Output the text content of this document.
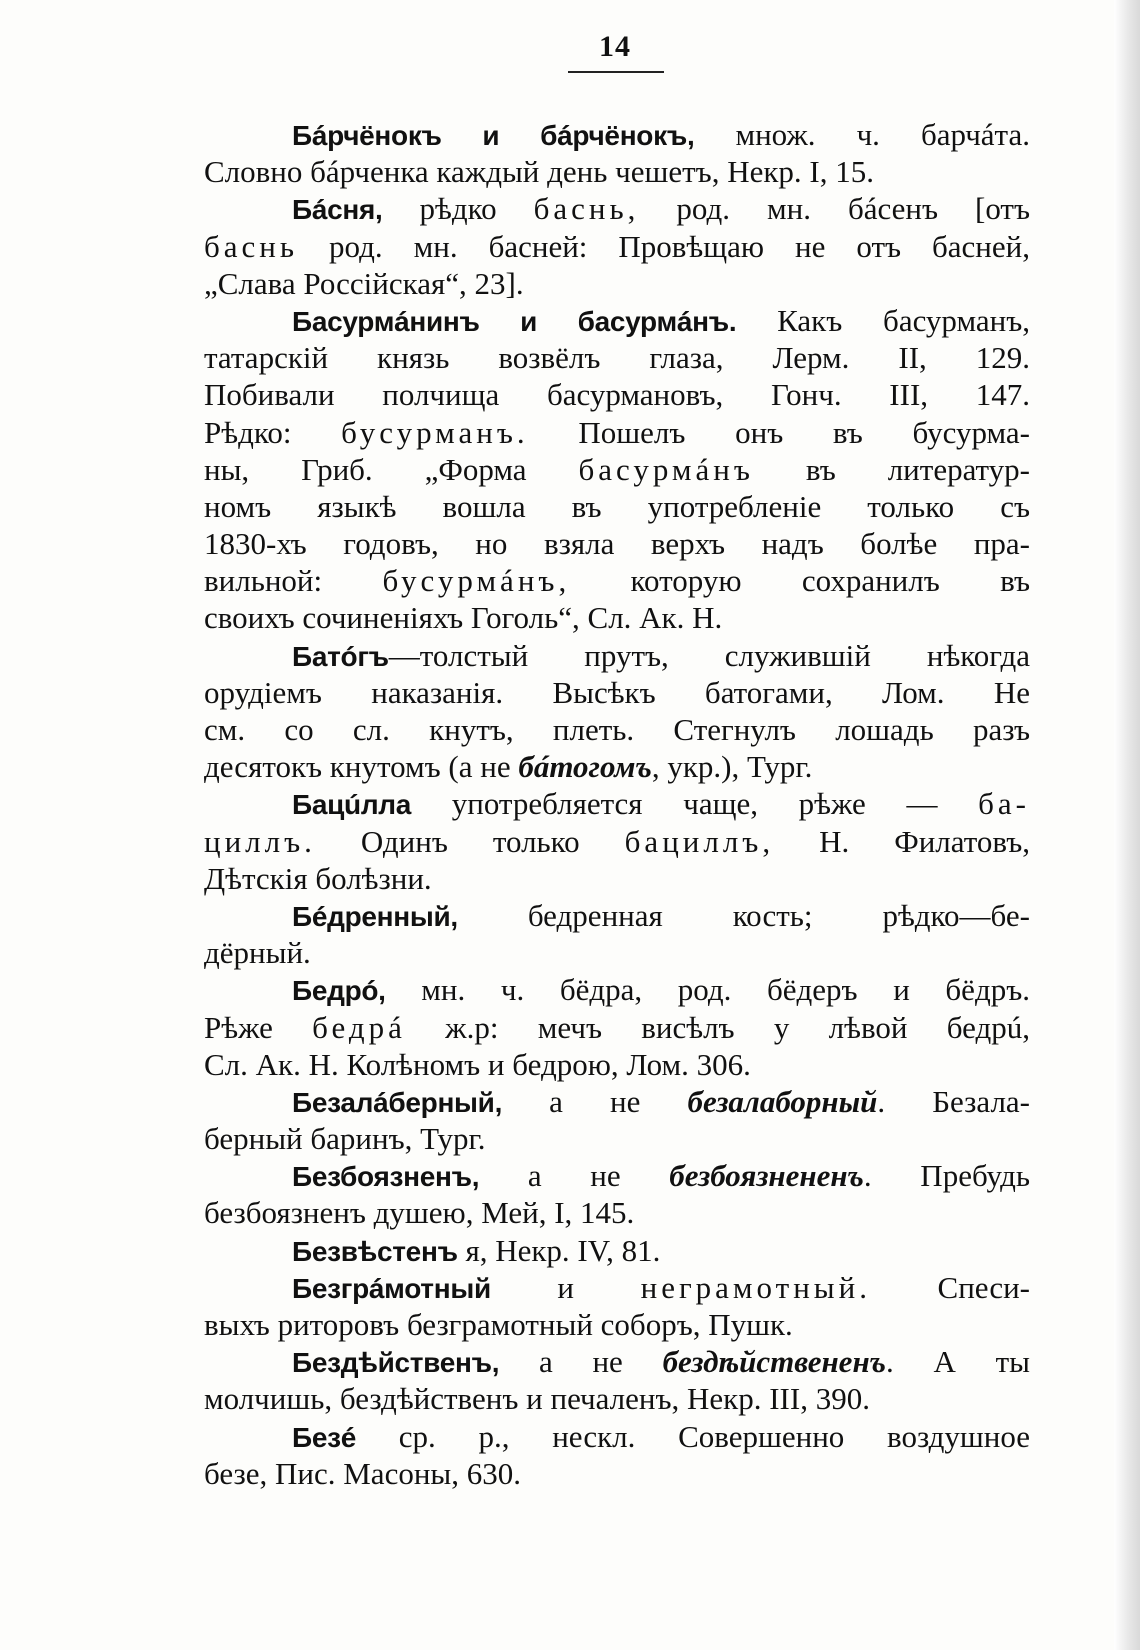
14
Бáрчёнокъ и бáрчёнокъ, множ. ч. барчáта.
Словно бáрченка каждый день чешетъ, Некр. I, 15.
Бáсня, рѣдко баснь, род. мн. бáсенъ [отъ
баснь род. мн. басней: Провѣщаю не отъ басней,
„Слава Россійская“, 23].
Басурмáнинъ и басурмáнъ. Какъ басурманъ,
татарскій князь возвёлъ глаза, Лерм. II, 129.
Побивали полчища басурмановъ, Гонч. III, 147.
Рѣдко: бусурманъ. Пошелъ онъ въ бусурма-
ны, Гриб. „Форма басурмáнъ въ литератур-
номъ языкѣ вошла въ употребленіе только съ
1830-хъ годовъ, но взяла верхъ надъ болѣе пра-
вильной: бусурмáнъ, которую сохранилъ въ
своихъ сочиненіяхъ Гоголь“, Сл. Ак. Н.
Батóгъ—толстый прутъ, служившій нѣкогда
орудіемъ наказанія. Высѣкъ батогами, Лом. Не
см. со сл. кнутъ, плеть. Стегнулъ лошадь разъ
десятокъ кнутомъ (а не бáтогомъ, укр.), Тург.
Бацúлла употребляется чаще, рѣже — ба-
циллъ. Одинъ только бациллъ, Н. Филатовъ,
Дѣтскія болѣзни.
Бéдренный, бедренная кость; рѣдко—бе-
дёрный.
Бедрó, мн. ч. бёдра, род. бёдеръ и бёдръ.
Рѣже бедрá ж.р: мечъ висѣлъ у лѣвой бедрú,
Сл. Ак. Н. Колѣномъ и бедрою, Лом. 306.
Безалáберный, а не безалаборный. Безала-
берный баринъ, Тург.
Безбоязненъ, а не безбоязнененъ. Пребудь
безбоязненъ душею, Мей, I, 145.
Безвѣстенъ я, Некр. IV, 81.
Безгрáмотный и неграмотный. Спеси-
выхъ риторовъ безграмотный соборъ, Пушк.
Бездѣйственъ, а не бездѣйствененъ. А ты
молчишь, бездѣйственъ и печаленъ, Некр. III, 390.
Безé ср. р., нескл. Совершенно воздушное
безе, Пис. Масоны, 630.
